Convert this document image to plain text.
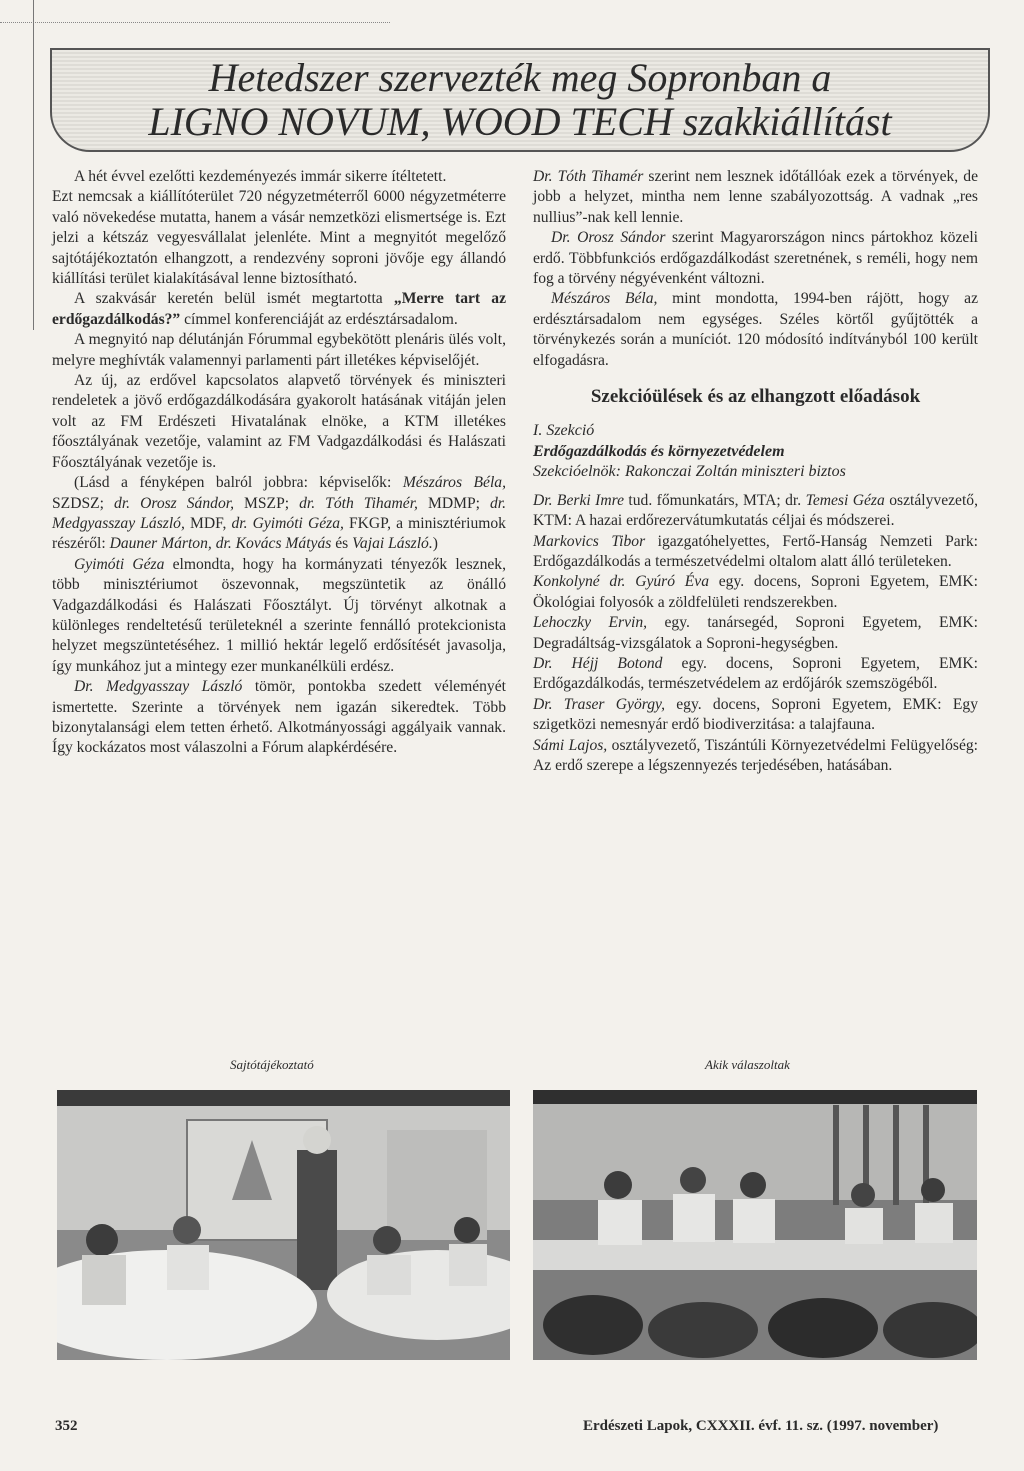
Hetedszer szervezték meg Sopronban a
LIGNO NOVUM, WOOD TECH szakkiállítást

A hét évvel ezelőtti kezdeményezés immár sikerre ítéltetett.

Ezt nemcsak a kiállítóterület 720 négyzetméterről 6000 négyzetméterre való növekedése mutatta, hanem a vásár nemzetközi elismertsége is. Ezt jelzi a kétszáz vegyesvállalat jelenléte. Mint a megnyitót megelőző sajtótájékoztatón elhangzott, a rendezvény soproni jövője egy állandó kiállítási terület kialakításával lenne biztosítható.

A szakvásár keretén belül ismét megtartotta „Merre tart az erdőgazdálkodás?” címmel konferenciáját az erdésztársadalom.

A megnyitó nap délutánján Fórummal egybekötött plenáris ülés volt, melyre meghívták valamennyi parlamenti párt illetékes képviselőjét.

Az új, az erdővel kapcsolatos alapvető törvények és miniszteri rendeletek a jövő erdőgazdálkodására gyakorolt hatásának vitáján jelen volt az FM Erdészeti Hivatalának elnöke, a KTM illetékes főosztályának vezetője, valamint az FM Vadgazdálkodási és Halászati Főosztályának vezetője is.

(Lásd a fényképen balról jobbra: képviselők: Mészáros Béla, SZDSZ; dr. Orosz Sándor, MSZP; dr. Tóth Tihamér, MDMP; dr. Medgyasszay László, MDF, dr. Gyimóti Géza, FKGP, a minisztériumok részéről: Dauner Márton, dr. Kovács Mátyás és Vajai László.)

Gyimóti Géza elmondta, hogy ha kormányzati tényezők lesznek, több minisztériumot öszevonnak, megszüntetik az önálló Vadgazdálkodási és Halászati Főosztályt. Új törvényt alkotnak a különleges rendeltetésű területeknél a szerinte fennálló protekcionista helyzet megszüntetéséhez. 1 millió hektár legelő erdősítését javasolja, így munkához jut a mintegy ezer munkanélküli erdész.

Dr. Medgyasszay László tömör, pontokba szedett véleményét ismertette. Szerinte a törvények nem igazán sikeredtek. Több bizonytalansági elem tetten érhető. Alkotmányossági aggályaik vannak. Így kockázatos most válaszolni a Fórum alapkérdésére.

Dr. Tóth Tihamér szerint nem lesznek időtállóak ezek a törvények, de jobb a helyzet, mintha nem lenne szabályozottság. A vadnak „res nullius”-nak kell lennie.

Dr. Orosz Sándor szerint Magyarországon nincs pártokhoz közeli erdő. Többfunkciós erdőgazdálkodást szeretnének, s reméli, hogy nem fog a törvény négyévenként változni.

Mészáros Béla, mint mondotta, 1994-ben rájött, hogy az erdésztársadalom nem egységes. Széles körtől gyűjtötték a törvénykezés során a muníciót. 120 módosító indítványból 100 került elfogadásra.

Szekcióülések és az elhangzott előadások

I. Szekció

Erdőgazdálkodás és környezetvédelem

Szekcióelnök: Rakonczai Zoltán miniszteri biztos

Dr. Berki Imre tud. főmunkatárs, MTA; dr. Temesi Géza osztályvezető, KTM: A hazai erdőrezervátumkutatás céljai és módszerei.

Markovics Tibor igazgatóhelyettes, Fertő-Hanság Nemzeti Park: Erdőgazdálkodás a természetvédelmi oltalom alatt álló területeken.

Konkolyné dr. Gyúró Éva egy. docens, Soproni Egyetem, EMK: Ökológiai folyosók a zöldfelületi rendszerekben.

Lehoczky Ervin, egy. tanársegéd, Soproni Egyetem, EMK: Degradáltság-vizsgálatok a Soproni-hegységben.

Dr. Héjj Botond egy. docens, Soproni Egyetem, EMK: Erdőgazdálkodás, természetvédelem az erdőjárók szemszögéből.

Dr. Traser György, egy. docens, Soproni Egyetem, EMK: Egy szigetközi nemesnyár erdő biodiverzitása: a talajfauna.

Sámi Lajos, osztályvezető, Tiszántúli Környezetvédelmi Felügyelőség: Az erdő szerepe a légszennyezés terjedésében, hatásában.

Sajtótájékoztató	Akik válaszoltak
352	Erdészeti Lapok, CXXXII. évf. 11. sz. (1997. november)
